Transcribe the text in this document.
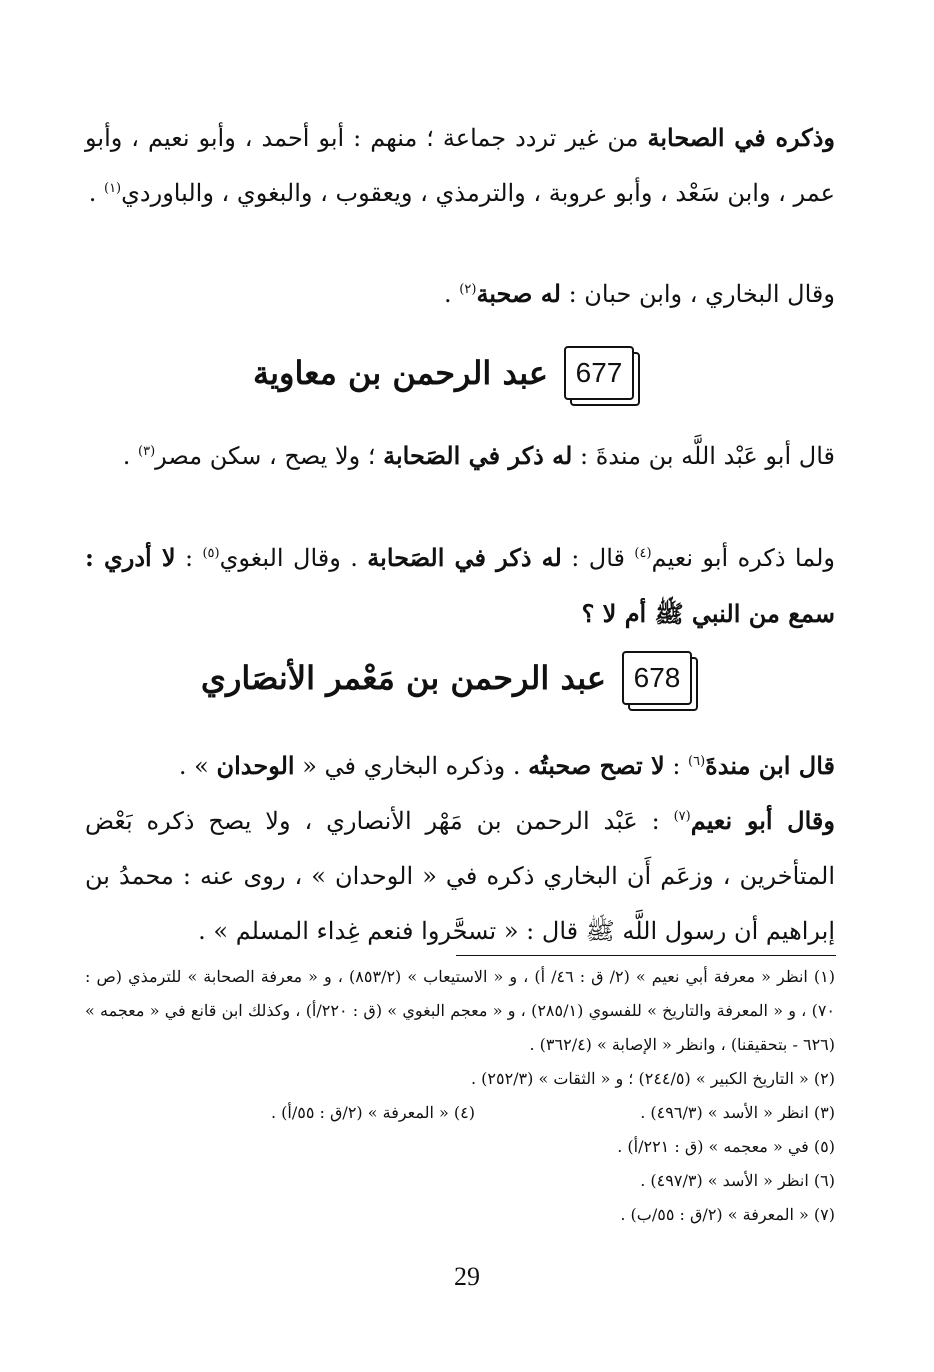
وذكره في الصحابة من غير تردد جماعة ؛ منهم : أبو أحمد ، وأبو نعيم ، وأبو عمر ، وابن سَعْد ، وأبو عروبة ، والترمذي ، ويعقوب ، والبغوي ، والباوردي$^{(١)}$ .

وقال البخاري ، وابن حبان : له صحبة$^{(٢)}$ .

677
عبد الرحمن بن معاوية

قال أبو عَبْد اللَّه بن مندةَ : له ذكر في الصَحابة ؛ ولا يصح ، سكن مصر$^{(٣)}$ .

ولما ذكره أبو نعيم$^{(٤)}$ قال : له ذكر في الصَحابة . وقال البغوي$^{(٥)}$ : لا أدري : سمع من النبي ﷺ أم لا ؟

678
عبد الرحمن بن مَعْمر الأنصَاري

قال ابن مندةَ$^{(٦)}$ : لا تصح صحبتُه . وذكره البخاري في « الوحدان » .

وقال أبو نعيم$^{(٧)}$ : عَبْد الرحمن بن مَهْر الأنصاري ، ولا يصح ذكره بَعْض المتأخرين ، وزعَم أَن البخاري ذكره في « الوحدان » ، روى عنه : محمدُ بن إبراهيم أن رسول اللَّه ﷺ قال : « تسحَّروا فنعم غِداء المسلم » .

(١) انظر « معرفة أبي نعيم » (٢/ ق : ٤٦/ أ) ، و « الاستيعاب » (٨٥٣/٢) ، و « معرفة الصحابة » للترمذي (ص : ٧٠) ، و « المعرفة والتاريخ » للفسوي (٢٨٥/١) ، و « معجم البغوي » (ق : ٢٢٠/أ) ، وكذلك ابن قانع في « معجمه » (٦٢٦ - بتحقيقنا) ، وانظر « الإصابة » (٣٦٢/٤) .

(٢) « التاريخ الكبير » (٢٤٤/٥) ؛ و « الثقات » (٢٥٢/٣) .

(٣) انظر « الأسد » (٤٩٦/٣) .
(٤) « المعرفة » (٢/ق : ٥٥/أ) .

(٥) في « معجمه » (ق : ٢٢١/أ) .

(٦) انظر « الأسد » (٤٩٧/٣) .

(٧) « المعرفة » (٢/ق : ٥٥/ب) .

29
